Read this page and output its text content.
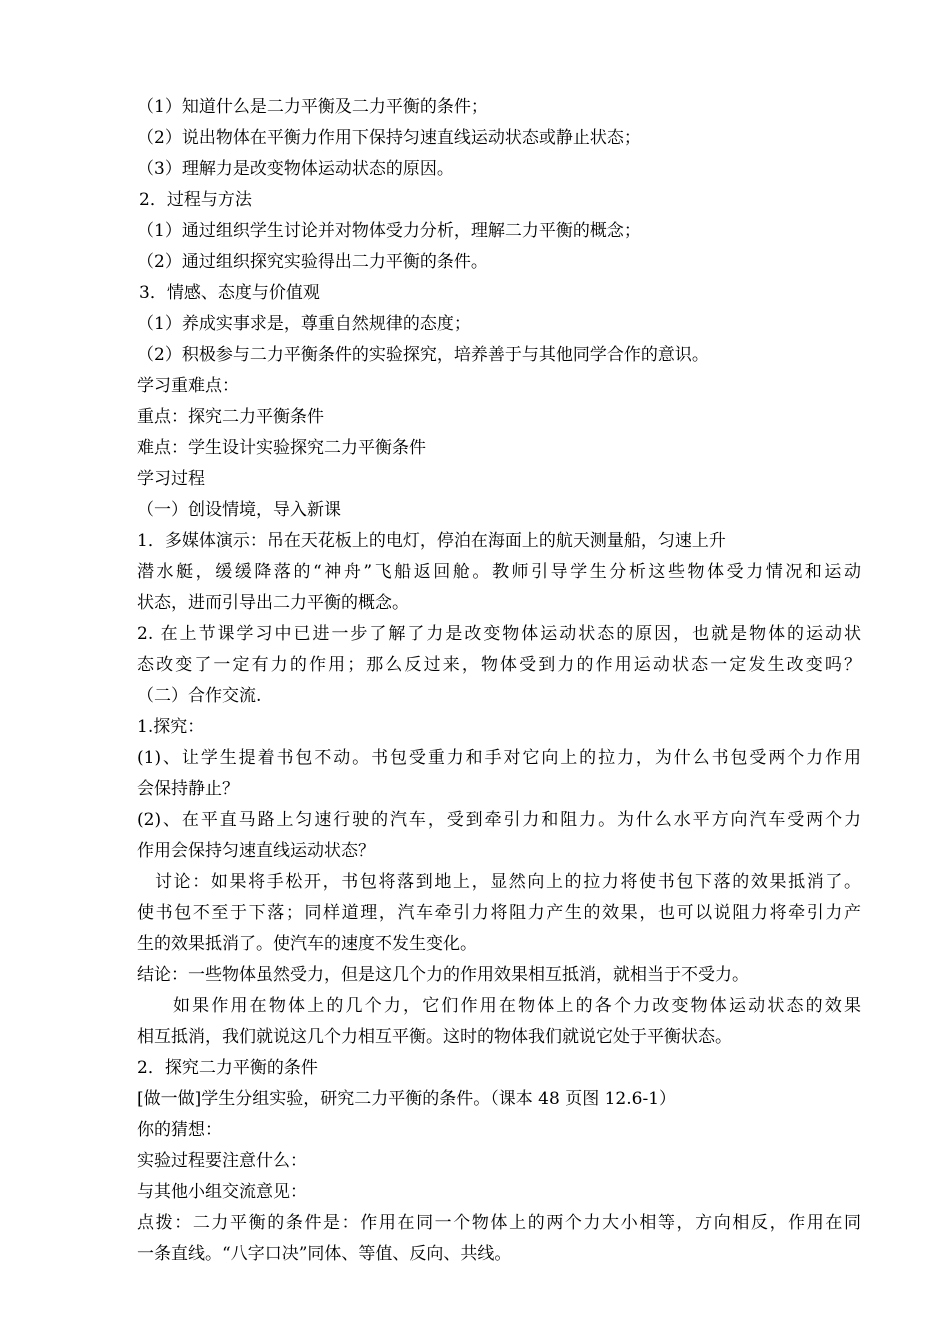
（1）知道什么是二力平衡及二力平衡的条件；
（2）说出物体在平衡力作用下保持匀速直线运动状态或静止状态；
（3）理解力是改变物体运动状态的原因。
2．过程与方法
（1）通过组织学生讨论并对物体受力分析，理解二力平衡的概念；
（2）通过组织探究实验得出二力平衡的条件。
3．情感、态度与价值观
（1）养成实事求是，尊重自然规律的态度；
（2）积极参与二力平衡条件的实验探究，培养善于与其他同学合作的意识。
学习重难点：
重点：探究二力平衡条件
难点：学生设计实验探究二力平衡条件
学习过程
（一）创设情境，导入新课
1．多媒体演示：吊在天花板上的电灯，停泊在海面上的航天测量船，匀速上升
潜水艇，缓缓降落的“神舟”飞船返回舱。教师引导学生分析这些物体受力情况和运动
状态，进而引导出二力平衡的概念。
2. 在上节课学习中已进一步了解了力是改变物体运动状态的原因，也就是物体的运动状
态改变了一定有力的作用；那么反过来，物体受到力的作用运动状态一定发生改变吗？
（二）合作交流.
1.探究：
(1)、让学生提着书包不动。书包受重力和手对它向上的拉力，为什么书包受两个力作用
会保持静止？
(2)、在平直马路上匀速行驶的汽车，受到牵引力和阻力。为什么水平方向汽车受两个力
作用会保持匀速直线运动状态？
讨论：如果将手松开，书包将落到地上，显然向上的拉力将使书包下落的效果抵消了。
使书包不至于下落；同样道理，汽车牵引力将阻力产生的效果，也可以说阻力将牵引力产
生的效果抵消了。使汽车的速度不发生变化。
结论：一些物体虽然受力，但是这几个力的作用效果相互抵消，就相当于不受力。
如果作用在物体上的几个力，它们作用在物体上的各个力改变物体运动状态的效果
相互抵消，我们就说这几个力相互平衡。这时的物体我们就说它处于平衡状态。
2．探究二力平衡的条件
[做一做]学生分组实验，研究二力平衡的条件。（课本 48 页图 12.6-1）
你的猜想：
实验过程要注意什么：
与其他小组交流意见：
点拨：二力平衡的条件是：作用在同一个物体上的两个力大小相等，方向相反，作用在同
一条直线。“八字口决”同体、等值、反向、共线。
